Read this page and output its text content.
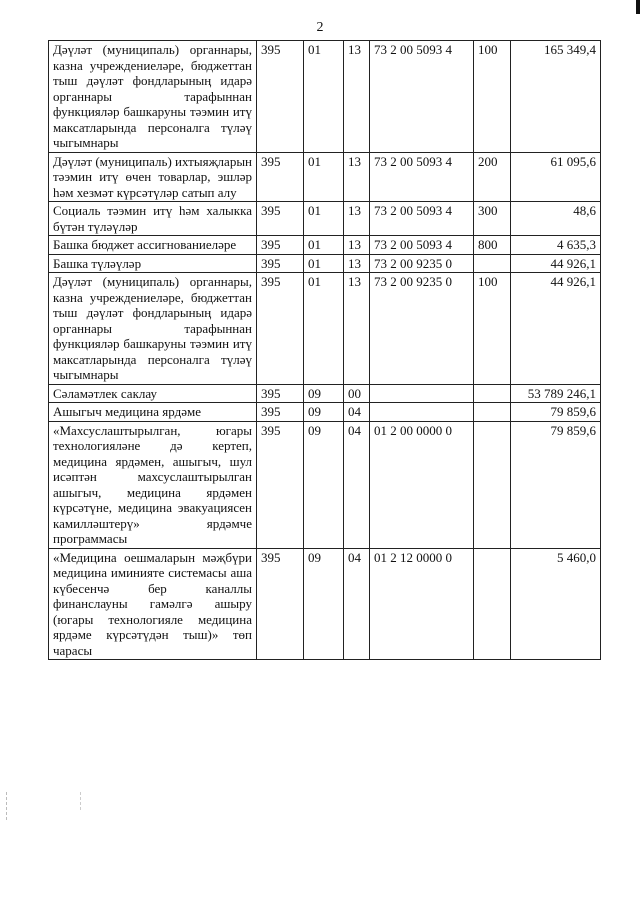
2
Дәүләт (муниципаль) органнары, казна учреждениеләре, бюджеттан тыш дәүләт фондларының идарә органнары тарафыннан функцияләр башкаруны тәэмин итү максатларында персоналга түләү чыгымнары	395	01	13	73 2 00 5093 4	100	165 349,4
Дәүләт (муниципаль) ихтыяҗларын тәэмин итү өчен товарлар, эшләр һәм хезмәт күрсәтүләр сатып алу	395	01	13	73 2 00 5093 4	200	61 095,6
Социаль тәэмин итү һәм халыкка бүтән түләүләр	395	01	13	73 2 00 5093 4	300	48,6
Башка бюджет ассигнованиеләре	395	01	13	73 2 00 5093 4	800	4 635,3
Башка түләүләр	395	01	13	73 2 00 9235 0		44 926,1
Дәүләт (муниципаль) органнары, казна учреждениеләре, бюджеттан тыш дәүләт фондларының идарә органнары тарафыннан функцияләр башкаруны тәэмин итү максатларында персоналга түләү чыгымнары	395	01	13	73 2 00 9235 0	100	44 926,1
Сәламәтлек саклау	395	09	00			53 789 246,1
Ашыгыч медицина ярдәме	395	09	04			79 859,6
«Махсуслаштырылган, югары технологияләне дә кертеп, медицина ярдәмен, ашыгыч, шул исәптән махсуслаштырылган ашыгыч, медицина ярдәмен күрсәтүне, медицина эвакуациясен камилләштерү» ярдәмче программасы	395	09	04	01 2 00 0000 0		79 859,6
«Медицина оешмаларын мәҗбүри медицина иминияте системасы аша күбесенчә бер каналлы финанслауны гамәлгә ашыру (югары технологияле медицина ярдәме күрсәтүдән тыш)» төп чарасы	395	09	04	01 2 12 0000 0		5 460,0
